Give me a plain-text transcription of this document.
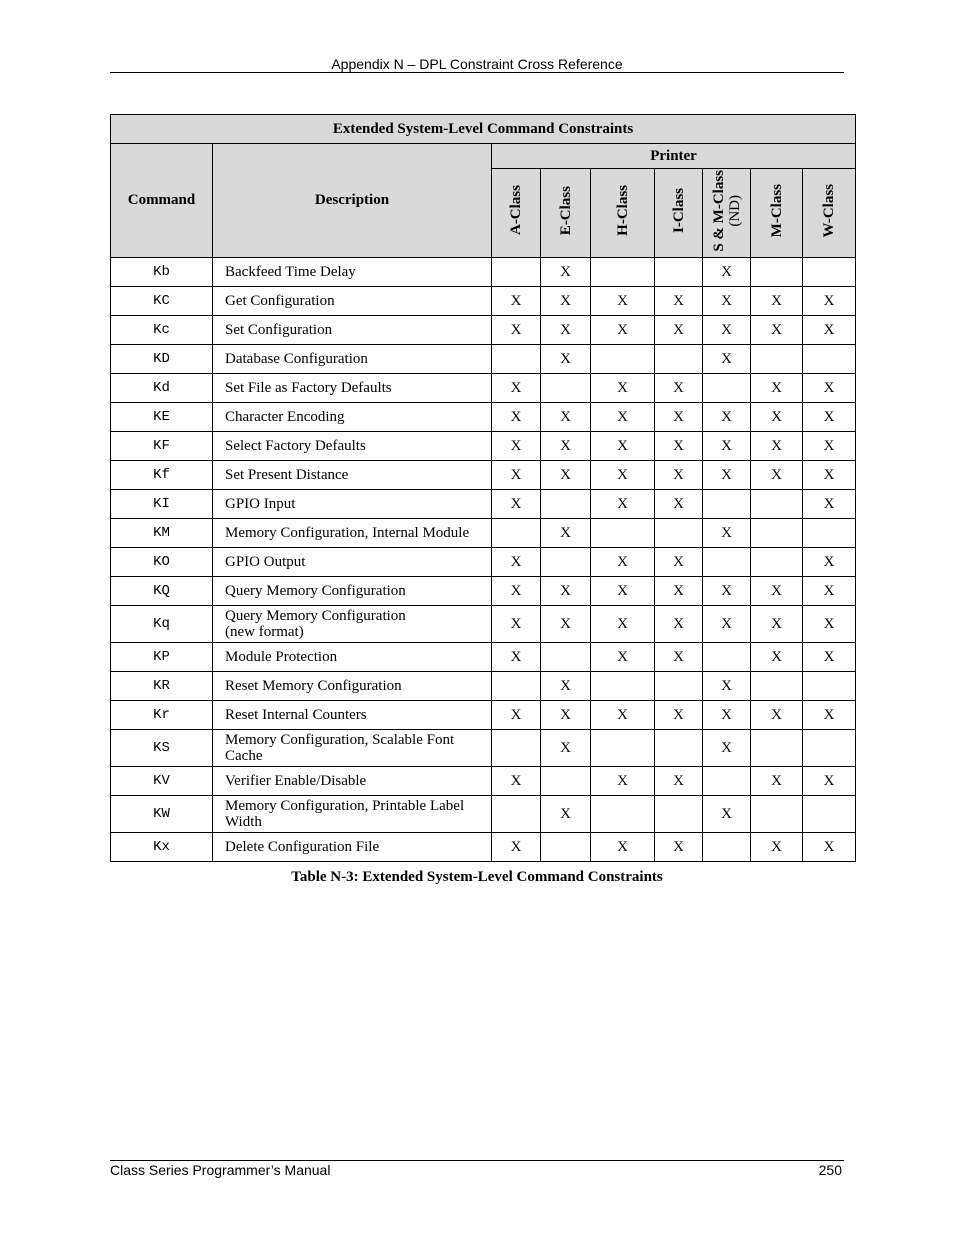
Appendix N – DPL Constraint Cross Reference
Extended System-Level Command Constraints								
Command	Description	Printer						
		A-Class	E-Class	H-Class	I-Class	S & M-Class
(ND)	M-Class	W-Class
Kb	Backfeed Time Delay		X			X		
KC	Get Configuration	X	X	X	X	X	X	X
Kc	Set Configuration	X	X	X	X	X	X	X
KD	Database Configuration		X			X		
Kd	Set File as Factory Defaults	X		X	X		X	X
KE	Character Encoding	X	X	X	X	X	X	X
KF	Select Factory Defaults	X	X	X	X	X	X	X
Kf	Set Present Distance	X	X	X	X	X	X	X
KI	GPIO Input	X		X	X			X
KM	Memory Configuration, Internal Module		X			X		
KO	GPIO Output	X		X	X			X
KQ	Query Memory Configuration	X	X	X	X	X	X	X
Kq	Query Memory Configuration
(new format)	X	X	X	X	X	X	X
KP	Module Protection	X		X	X		X	X
KR	Reset Memory Configuration		X			X		
Kr	Reset Internal Counters	X	X	X	X	X	X	X
KS	Memory Configuration, Scalable Font
Cache		X			X		
KV	Verifier Enable/Disable	X		X	X		X	X
KW	Memory Configuration, Printable Label
Width		X			X		
Kx	Delete Configuration File	X		X	X		X	X
Table N-3: Extended System-Level Command Constraints
Class Series Programmer’s Manual	250
